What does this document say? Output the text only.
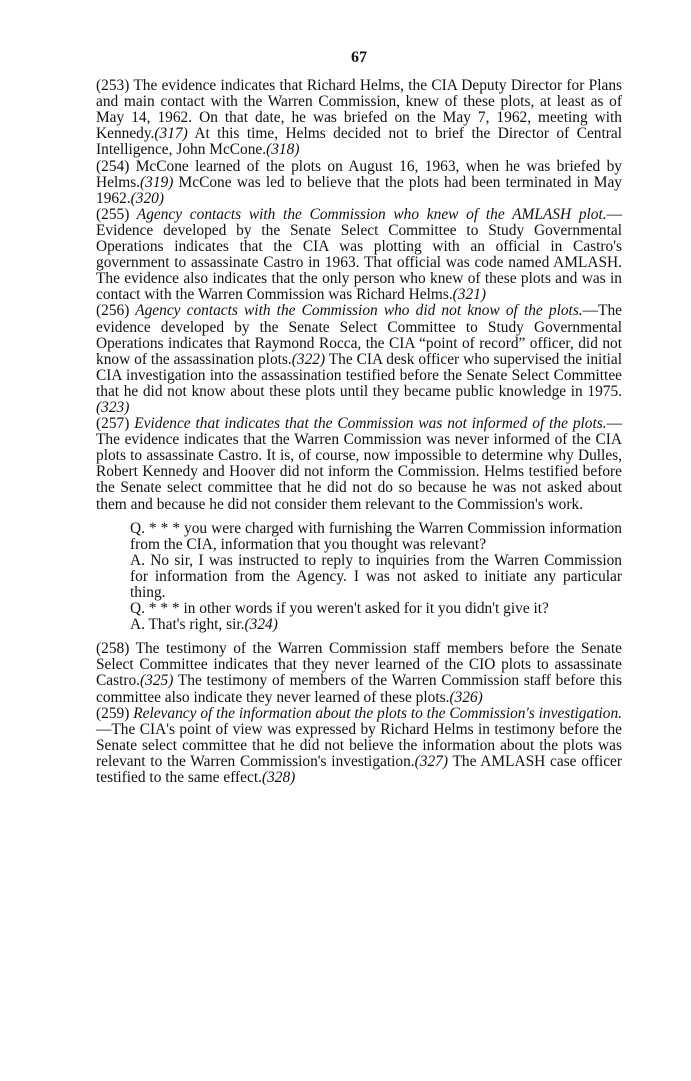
67

(253) The evidence indicates that Richard Helms, the CIA Deputy Director for Plans and main contact with the Warren Commission, knew of these plots, at least as of May 14, 1962. On that date, he was briefed on the May 7, 1962, meeting with Kennedy.(317) At this time, Helms decided not to brief the Director of Central Intelligence, John McCone.(318)

(254) McCone learned of the plots on August 16, 1963, when he was briefed by Helms.(319) McCone was led to believe that the plots had been terminated in May 1962.(320)

(255) Agency contacts with the Commission who knew of the AMLASH plot.—Evidence developed by the Senate Select Committee to Study Governmental Operations indicates that the CIA was plotting with an official in Castro's government to assassinate Castro in 1963. That official was code named AMLASH. The evidence also indicates that the only person who knew of these plots and was in contact with the Warren Commission was Richard Helms.(321)

(256) Agency contacts with the Commission who did not know of the plots.—The evidence developed by the Senate Select Committee to Study Governmental Operations indicates that Raymond Rocca, the CIA “point of record” officer, did not know of the assassination plots.(322) The CIA desk officer who supervised the initial CIA investigation into the assassination testified before the Senate Select Committee that he did not know about these plots until they became public knowledge in 1975.(323)

(257) Evidence that indicates that the Commission was not informed of the plots.—The evidence indicates that the Warren Commission was never informed of the CIA plots to assassinate Castro. It is, of course, now impossible to determine why Dulles, Robert Kennedy and Hoover did not inform the Commission. Helms testified before the Senate select committee that he did not do so because he was not asked about them and because he did not consider them relevant to the Commission's work.

Q. * * * you were charged with furnishing the Warren Commission information from the CIA, information that you thought was relevant?

A. No sir, I was instructed to reply to inquiries from the Warren Commission for information from the Agency. I was not asked to initiate any particular thing.

Q. * * * in other words if you weren't asked for it you didn't give it?

A. That's right, sir.(324)

(258) The testimony of the Warren Commission staff members before the Senate Select Committee indicates that they never learned of the CIO plots to assassinate Castro.(325) The testimony of members of the Warren Commission staff before this committee also indicate they never learned of these plots.(326)

(259) Relevancy of the information about the plots to the Commission's investigation.—The CIA's point of view was expressed by Richard Helms in testimony before the Senate select committee that he did not believe the information about the plots was relevant to the Warren Commission's investigation.(327) The AMLASH case officer testified to the same effect.(328)
